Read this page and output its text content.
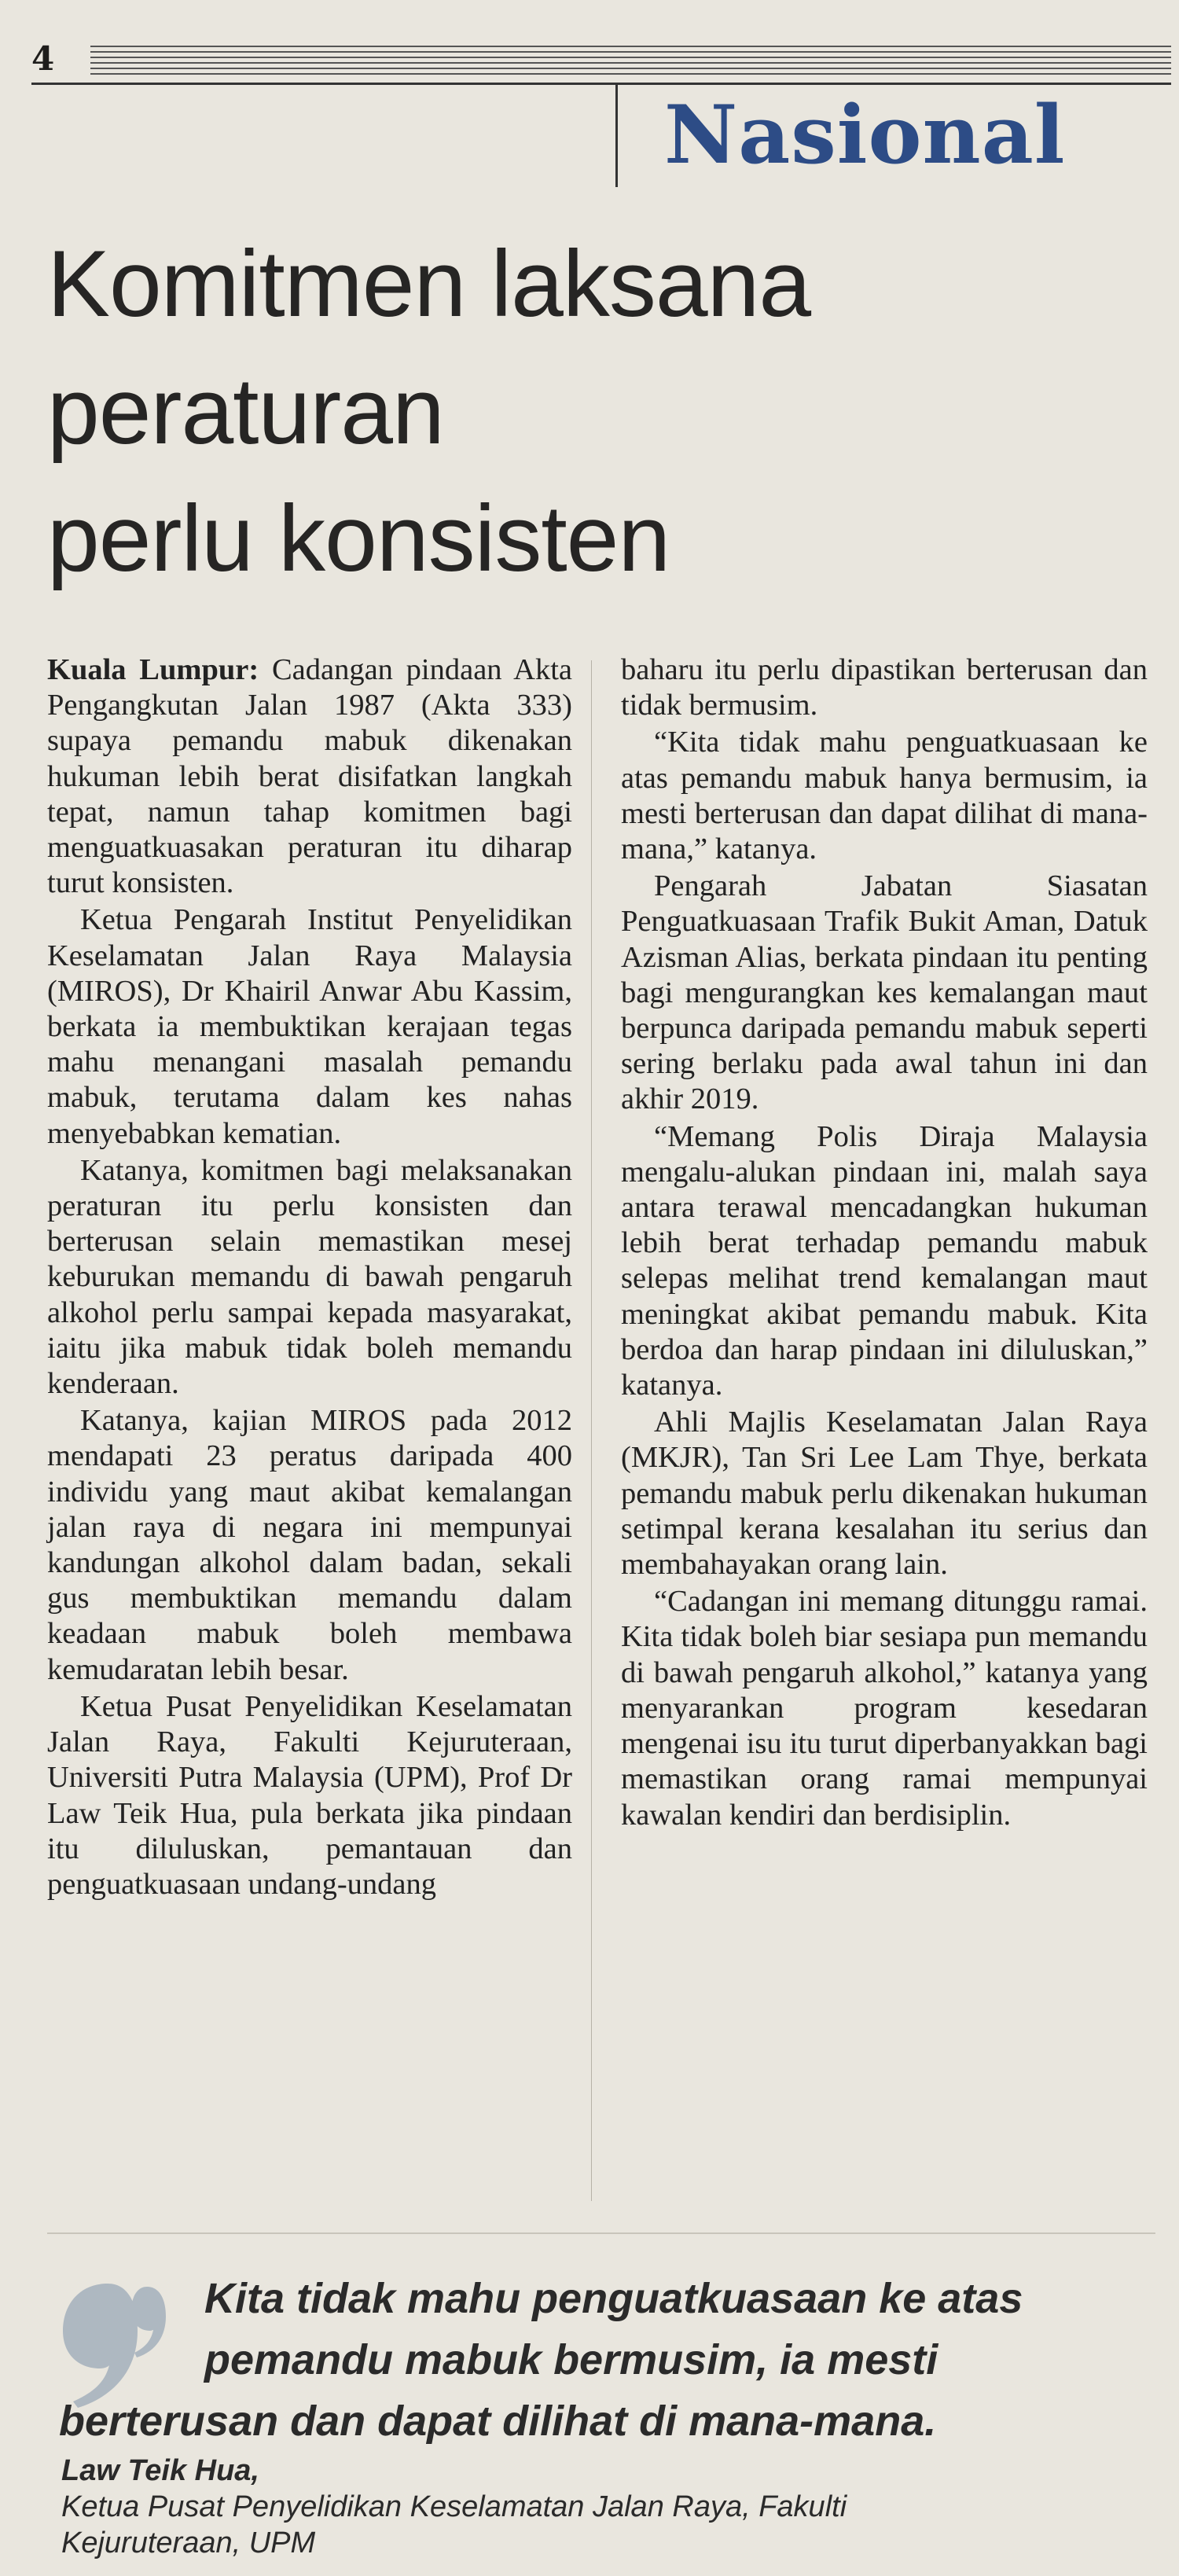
4
Nasional
Komitmen laksana
peraturan
perlu konsisten

Kuala Lumpur: Cadangan pindaan Akta Pengangkutan Jalan 1987 (Akta 333) supaya pemandu mabuk dikenakan hukuman lebih berat disifatkan langkah tepat, namun tahap komitmen bagi menguatkuasakan peraturan itu diharap turut konsisten.

Ketua Pengarah Institut Penyelidikan Keselamatan Jalan Raya Malaysia (MIROS), Dr Khairil Anwar Abu Kassim, berkata ia membuktikan kerajaan tegas mahu menangani masalah pemandu mabuk, terutama dalam kes nahas menyebabkan kematian.

Katanya, komitmen bagi melaksanakan peraturan itu perlu konsisten dan berterusan selain memastikan mesej keburukan memandu di bawah pengaruh alkohol perlu sampai kepada masyarakat, iaitu jika mabuk tidak boleh memandu kenderaan.

Katanya, kajian MIROS pada 2012 mendapati 23 peratus daripada 400 individu yang maut akibat kemalangan jalan raya di negara ini mempunyai kandungan alkohol dalam badan, sekali gus membuktikan memandu dalam keadaan mabuk boleh membawa kemudaratan lebih besar.

Ketua Pusat Penyelidikan Keselamatan Jalan Raya, Fakulti Kejuruteraan, Universiti Putra Malaysia (UPM), Prof Dr Law Teik Hua, pula berkata jika pindaan itu diluluskan, pemantauan dan penguatkuasaan undang-undang

baharu itu perlu dipastikan berterusan dan tidak bermusim.

“Kita tidak mahu penguatkuasaan ke atas pemandu mabuk hanya bermusim, ia mesti berterusan dan dapat dilihat di mana-mana,” katanya.

Pengarah Jabatan Siasatan Penguatkuasaan Trafik Bukit Aman, Datuk Azisman Alias, berkata pindaan itu penting bagi mengurangkan kes kemalangan maut berpunca daripada pemandu mabuk seperti sering berlaku pada awal tahun ini dan akhir 2019.

“Memang Polis Diraja Malaysia mengalu-alukan pindaan ini, malah saya antara terawal mencadangkan hukuman lebih berat terhadap pemandu mabuk selepas melihat trend kemalangan maut meningkat akibat pemandu mabuk. Kita berdoa dan harap pindaan ini diluluskan,” katanya.

Ahli Majlis Keselamatan Jalan Raya (MKJR), Tan Sri Lee Lam Thye, berkata pemandu mabuk perlu dikenakan hukuman setimpal kerana kesalahan itu serius dan membahayakan orang lain.

“Cadangan ini memang ditunggu ramai. Kita tidak boleh biar sesiapa pun memandu di bawah pengaruh alkohol,” katanya yang menyarankan program kesedaran mengenai isu itu turut diperbanyakkan bagi memastikan orang ramai mempunyai kawalan kendiri dan berdisiplin.

Kita tidak mahu penguatkuasaan ke atas
pemandu mabuk bermusim, ia mesti
berterusan dan dapat dilihat di mana-mana.

Law Teik Hua,
Ketua Pusat Penyelidikan Keselamatan Jalan Raya, Fakulti
Kejuruteraan, UPM
